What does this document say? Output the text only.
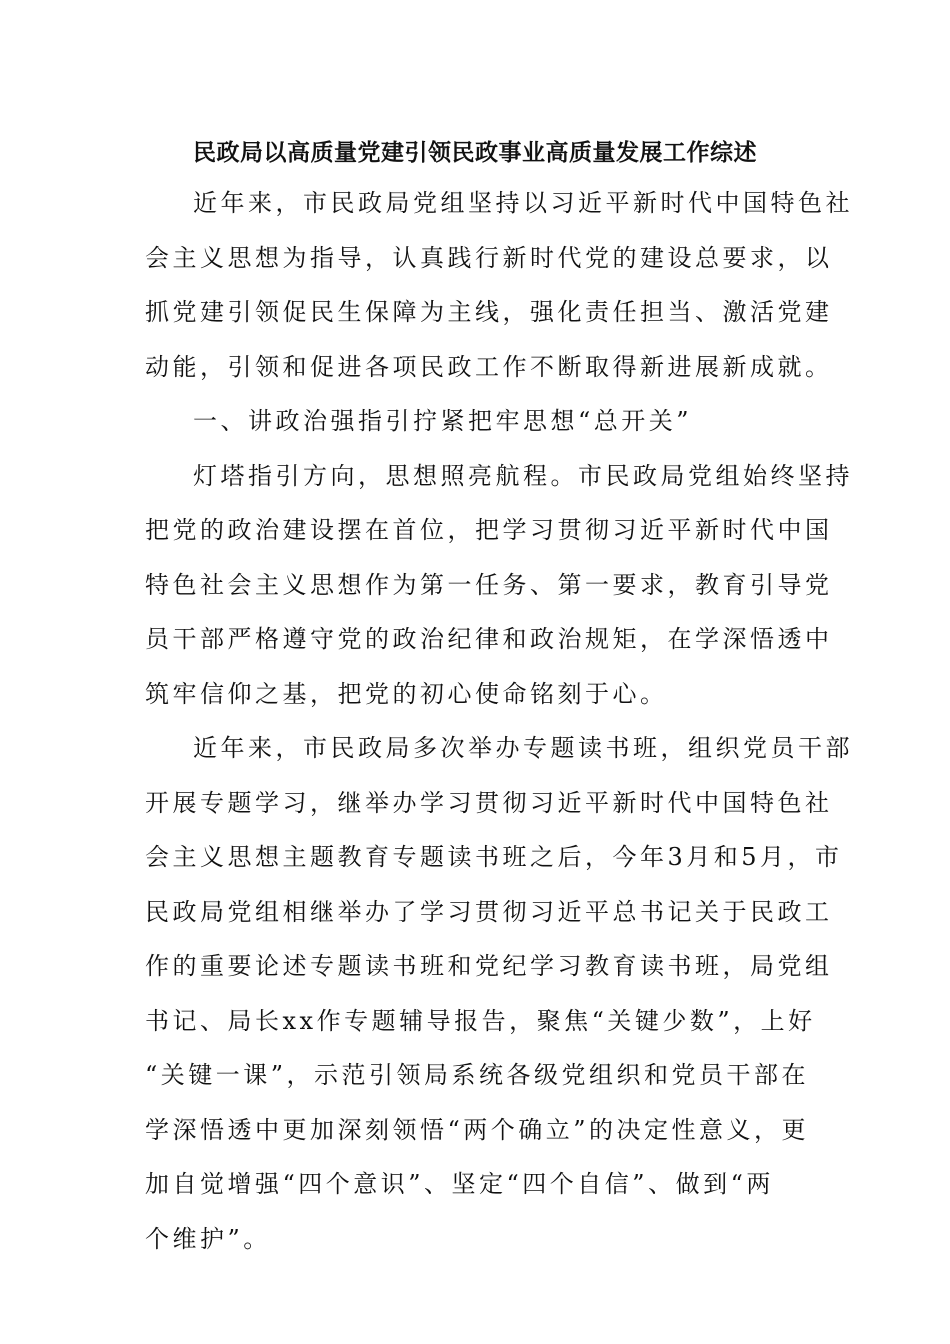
民政局以高质量党建引领民政事业高质量发展工作综述
近年来，市民政局党组坚持以习近平新时代中国特色社
会主义思想为指导，认真践行新时代党的建设总要求，以
抓党建引领促民生保障为主线，强化责任担当、激活党建
动能，引领和促进各项民政工作不断取得新进展新成就。
一、讲政治强指引拧紧把牢思想“总开关”
灯塔指引方向，思想照亮航程。市民政局党组始终坚持
把党的政治建设摆在首位，把学习贯彻习近平新时代中国
特色社会主义思想作为第一任务、第一要求，教育引导党
员干部严格遵守党的政治纪律和政治规矩，在学深悟透中
筑牢信仰之基，把党的初心使命铭刻于心。
近年来，市民政局多次举办专题读书班，组织党员干部
开展专题学习，继举办学习贯彻习近平新时代中国特色社
会主义思想主题教育专题读书班之后，今年3月和5月，市
民政局党组相继举办了学习贯彻习近平总书记关于民政工
作的重要论述专题读书班和党纪学习教育读书班，局党组
书记、局长xx作专题辅导报告，聚焦“关键少数”，上好
“关键一课”，示范引领局系统各级党组织和党员干部在
学深悟透中更加深刻领悟“两个确立”的决定性意义，更
加自觉增强“四个意识”、坚定“四个自信”、做到“两
个维护”。
